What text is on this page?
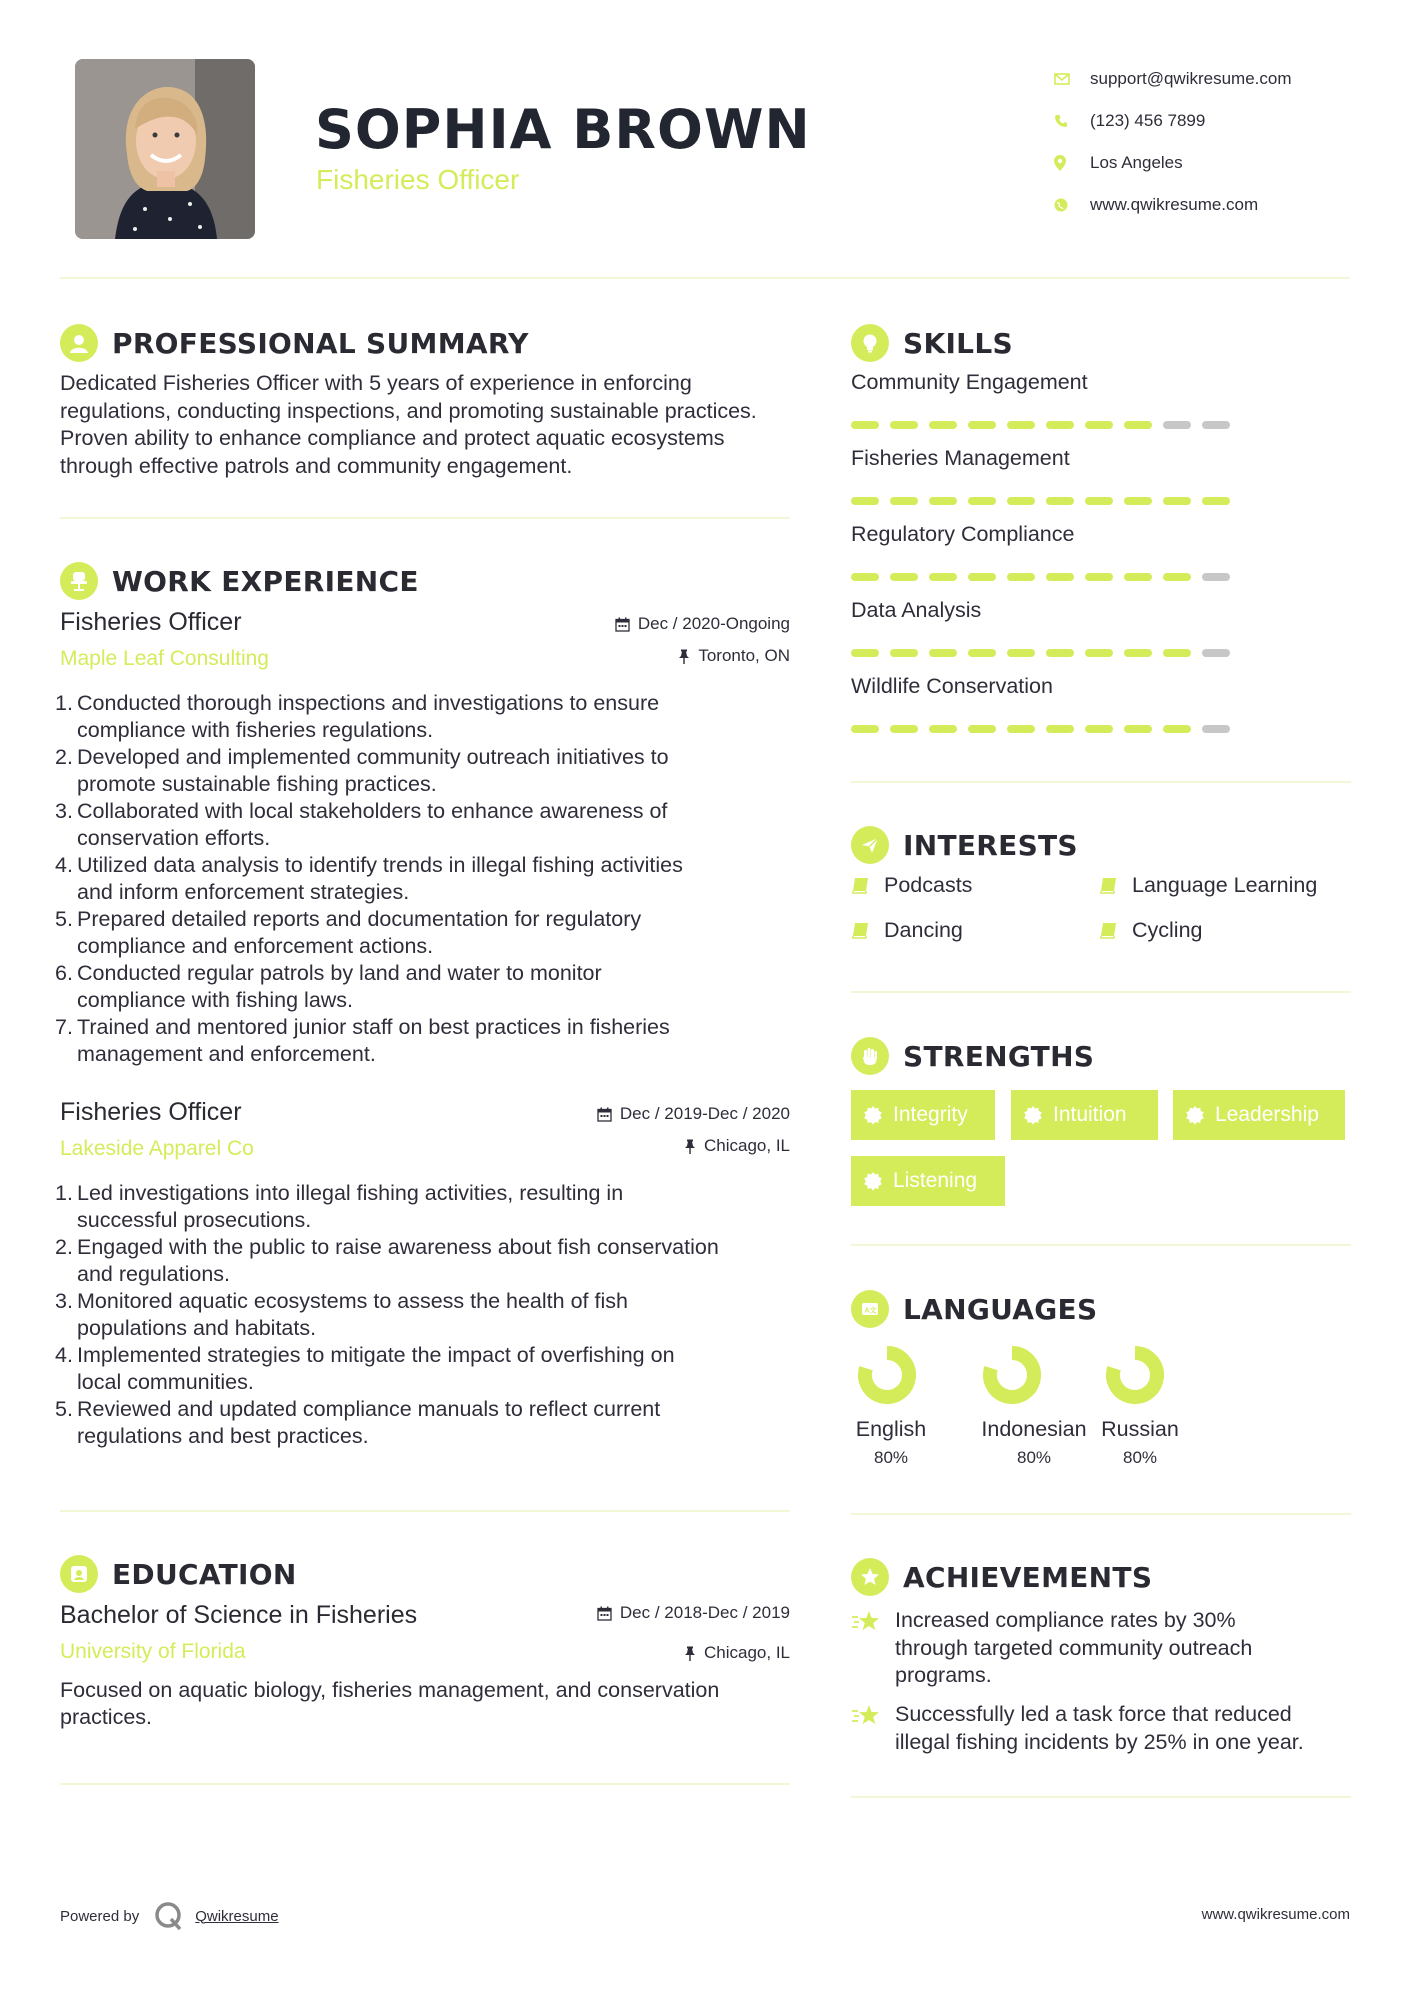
SOPHIA BROWN
Fisheries Officer
support@qwikresume.com
(123) 456 7899
Los Angeles
www.qwikresume.com
PROFESSIONAL SUMMARY
Dedicated Fisheries Officer with 5 years of experience in enforcing regulations, conducting inspections, and promoting sustainable practices. Proven ability to enhance compliance and protect aquatic ecosystems through effective patrols and community engagement.
WORK EXPERIENCE
Fisheries Officer
Maple Leaf Consulting
Dec / 2020-Ongoing
Toronto, ON
1. Conducted thorough inspections and investigations to ensure
compliance with fisheries regulations.
2. Developed and implemented community outreach initiatives to
promote sustainable fishing practices.
3. Collaborated with local stakeholders to enhance awareness of
conservation efforts.
4. Utilized data analysis to identify trends in illegal fishing activities
and inform enforcement strategies.
5. Prepared detailed reports and documentation for regulatory
compliance and enforcement actions.
6. Conducted regular patrols by land and water to monitor
compliance with fishing laws.
7. Trained and mentored junior staff on best practices in fisheries
management and enforcement.
Fisheries Officer
Lakeside Apparel Co
Dec / 2019-Dec / 2020
Chicago, IL
1. Led investigations into illegal fishing activities, resulting in
successful prosecutions.
2. Engaged with the public to raise awareness about fish conservation
and regulations.
3. Monitored aquatic ecosystems to assess the health of fish
populations and habitats.
4. Implemented strategies to mitigate the impact of overfishing on
local communities.
5. Reviewed and updated compliance manuals to reflect current
regulations and best practices.
EDUCATION
Bachelor of Science in Fisheries
University of Florida
Dec / 2018-Dec / 2019
Chicago, IL
Focused on aquatic biology, fisheries management, and conservation practices.
SKILLS
Community Engagement
Fisheries Management
Regulatory Compliance
Data Analysis
Wildlife Conservation
INTERESTS
Podcasts	Language Learning
Dancing	Cycling
STRENGTHS
Integrity	Intuition	Leadership
Listening
A文 LANGUAGES
English
80%
Indonesian
80%
Russian
80%
ACHIEVEMENTS
Increased compliance rates by 30%
through targeted community outreach
programs.
Successfully led a task force that reduced
illegal fishing incidents by 25% in one year.
Powered by	Qwikresume	www.qwikresume.com
